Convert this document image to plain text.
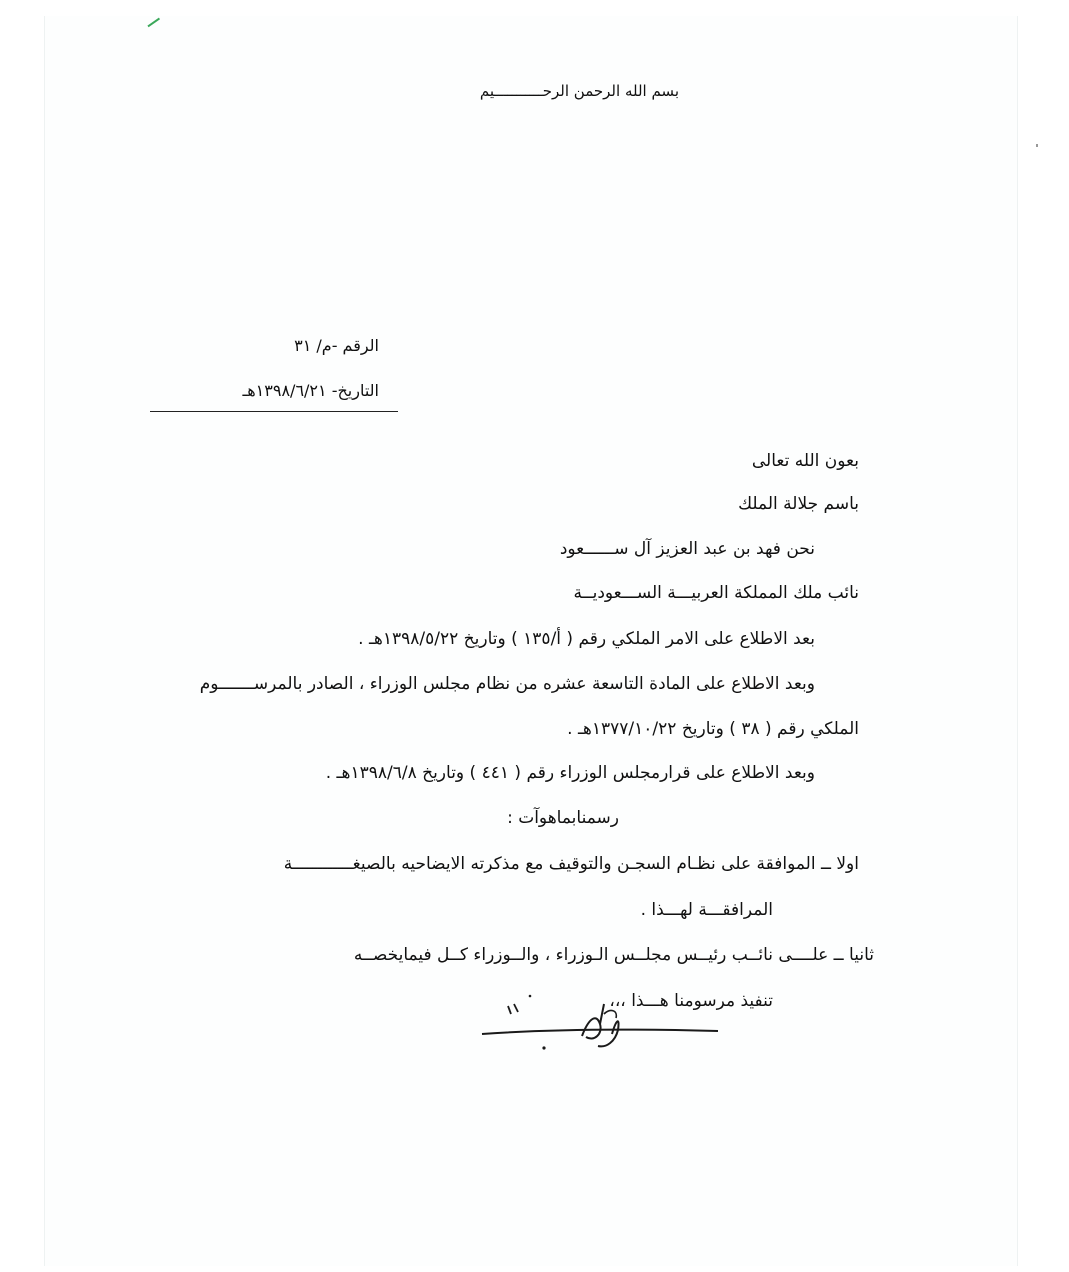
بسم الله الرحمن الرحـــــــــــيم
الرقم -م/ ٣١
التاريخ- ١٣٩٨/٦/٢١هـ
بعون الله تعالى
باسم جلالة الملك
نحن فهد بن عبد العزيز آل ســــــعود
نائب ملك المملكة العربيـــة الســـعوديــة
بعد الاطلاع على الامر الملكي رقم ( أ/١٣٥ ) وتاريخ ١٣٩٨/٥/٢٢هـ .
وبعد الاطلاع على المادة التاسعة عشره من نظام مجلس الوزراء ، الصادر بالمرســـــــوم
الملكي رقم ( ٣٨ ) وتاريخ ١٣٧٧/١٠/٢٢هـ .
وبعد الاطلاع على قرارمجلس الوزراء رقم ( ٤٤١ ) وتاريخ ١٣٩٨/٦/٨هـ .
رسمنابماهوآت :
اولا ــ الموافقة على نظـام السجـن والتوقيف مع مذكرته الايضاحيه بالصيغــــــــــــة
المرافقـــة لهـــذا .
ثانيا ــ علــــى نائــب رئيــس مجلــس الـوزراء ، والــوزراء كــل فيمايخصــه
تنفيذ مرسومنا هـــذا ،،،
